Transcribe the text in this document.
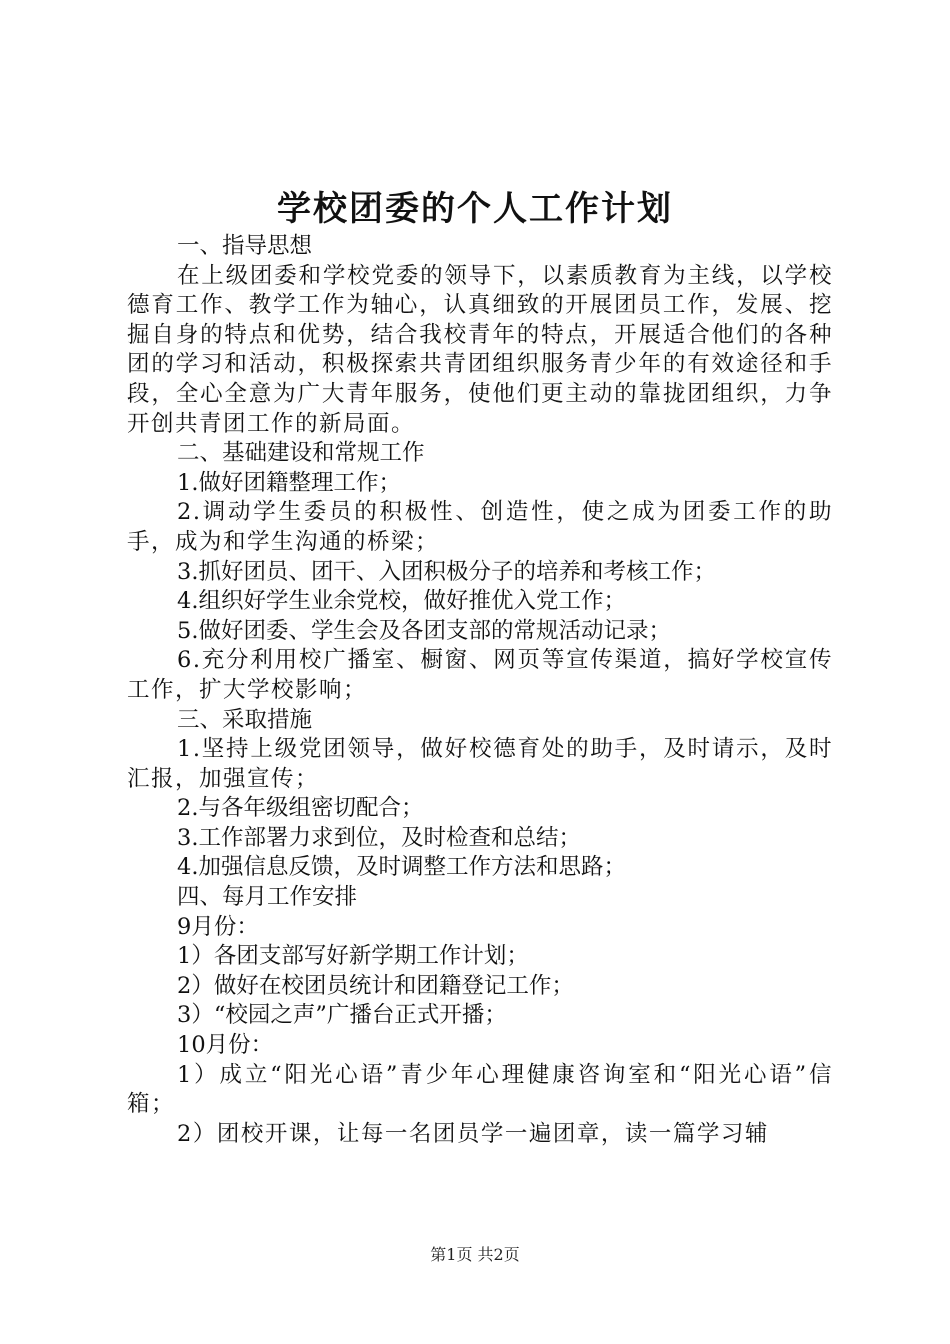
学校团委的个人工作计划

一、指导思想

在上级团委和学校党委的领导下，以素质教育为主线，以学校德育工作、教学工作为轴心，认真细致的开展团员工作，发展、挖掘自身的特点和优势，结合我校青年的特点，开展适合他们的各种团的学习和活动，积极探索共青团组织服务青少年的有效途径和手段，全心全意为广大青年服务，使他们更主动的靠拢团组织，力争开创共青团工作的新局面。

二、基础建设和常规工作

1.做好团籍整理工作；

2.调动学生委员的积极性、创造性，使之成为团委工作的助手，成为和学生沟通的桥梁；

3.抓好团员、团干、入团积极分子的培养和考核工作；

4.组织好学生业余党校，做好推优入党工作；

5.做好团委、学生会及各团支部的常规活动记录；

6.充分利用校广播室、橱窗、网页等宣传渠道，搞好学校宣传工作，扩大学校影响；

三、采取措施

1.坚持上级党团领导，做好校德育处的助手，及时请示，及时汇报，加强宣传；

2.与各年级组密切配合；

3.工作部署力求到位，及时检查和总结；

4.加强信息反馈，及时调整工作方法和思路；

四、每月工作安排

9月份：

1）各团支部写好新学期工作计划；

2）做好在校团员统计和团籍登记工作；

3）“校园之声”广播台正式开播；

10月份：

1）成立“阳光心语”青少年心理健康咨询室和“阳光心语”信箱；

2）团校开课，让每一名团员学一遍团章，读一篇学习辅

第1页 共2页
